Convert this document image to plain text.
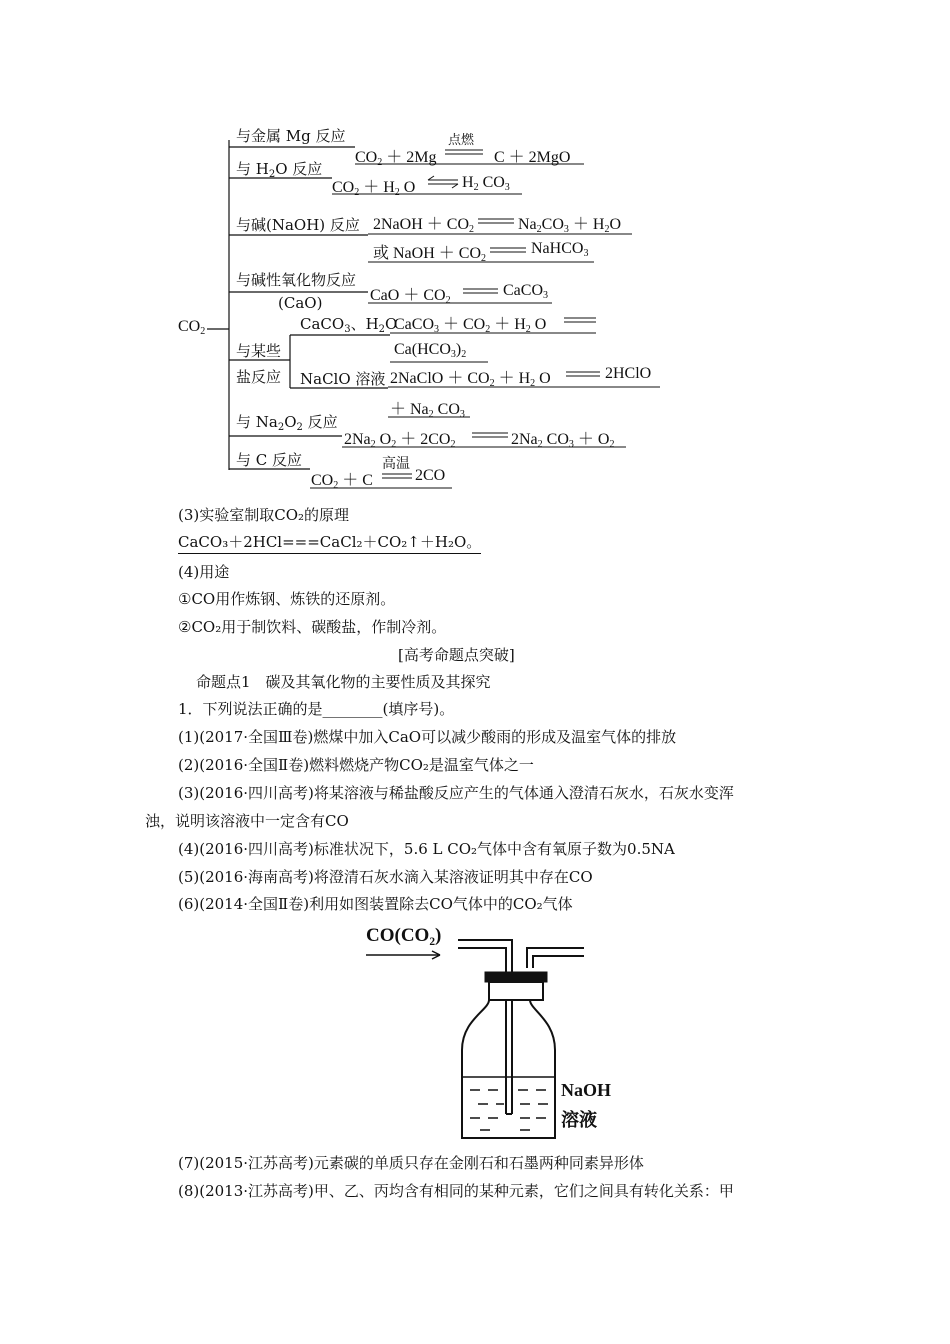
$CO_2$
与金属 Mg 反应	点燃
$CO_2 + 2Mg$	C ＋ 2MgO
与 $H_2O$ 反应
$CO_2 + H_2$ O	$H_2$ $CO_3$
与碱(NaOH) 反应 2NaOH ＋ $CO_2$	$Na_2CO_3 + H_2O$
或 NaOH ＋ $CO_2$
NaHCO$_3$
与碱性氧化物反应
(CaO)	CaO ＋ $CO_2$
CaCO$_3$
与某些
盐反应
CaCO$_3$、$H_2O$
CaCO$_3$ ＋ $CO_2 + H_2$ O
$Ca(HCO_3)_2$
NaClO 溶液 2NaClO ＋ $CO_2 + H_2$ O	2HClO
＋ $Na_2$ $CO_3$
与 $Na_2O_2$ 反应
$2Na_2$ $O_2 + 2CO_2$	$2Na_2$ $CO_3 + O_2$
与 C 反应	高温
$CO_2 + C$	2CO
(3)实验室制取CO₂的原理
CaCO₃＋2HCl===CaCl₂＋CO₂↑＋H₂O。
(4)用途
①CO用作炼钢、炼铁的还原剂。
②CO₂用于制饮料、碳酸盐，作制冷剂。
[高考命题点突破]
命题点1　碳及其氧化物的主要性质及其探究
1．下列说法正确的是________(填序号)。
(1)(2017·全国Ⅲ卷)燃煤中加入CaO可以减少酸雨的形成及温室气体的排放
(2)(2016·全国Ⅱ卷)燃料燃烧产物CO₂是温室气体之一
(3)(2016·四川高考)将某溶液与稀盐酸反应产生的气体通入澄清石灰水，石灰水变浑
浊，说明该溶液中一定含有CO
(4)(2016·四川高考)标准状况下，5.6 L CO₂气体中含有氧原子数为0.5NA
(5)(2016·海南高考)将澄清石灰水滴入某溶液证明其中存在CO
(6)(2014·全国Ⅱ卷)利用如图装置除去CO气体中的CO₂气体
CO(CO₂)
NaOH
溶液
(7)(2015·江苏高考)元素碳的单质只存在金刚石和石墨两种同素异形体
(8)(2013·江苏高考)甲、乙、丙均含有相同的某种元素，它们之间具有转化关系：甲
